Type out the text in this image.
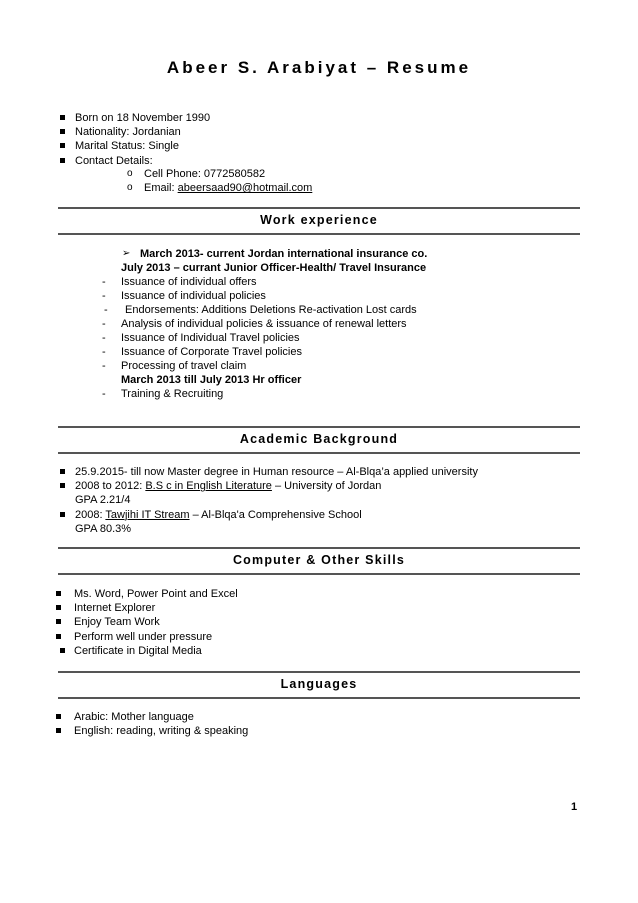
Abeer S. Arabiyat – Resume
Born on 18 November 1990
Nationality: Jordanian
Marital Status: Single
Contact Details:
o Cell Phone: 0772580582
o Email: abeersaad90@hotmail.com
Work experience
➢ March 2013- current Jordan international insurance co.
July 2013 – currant Junior Officer-Health/ Travel Insurance
- Issuance of individual offers
- Issuance of individual policies
- Endorsements: Additions Deletions Re-activation Lost cards
- Analysis of individual policies & issuance of renewal letters
- Issuance of Individual Travel policies
- Issuance of Corporate Travel policies
- Processing of travel claim
March 2013 till July 2013 Hr officer
- Training & Recruiting
Academic Background
25.9.2015- till now Master degree in Human resource – Al-Blqa’a applied university
2008 to 2012: B.S c in English Literature – University of Jordan
GPA 2.21/4
2008: Tawjihi IT Stream – Al-Blqa'a Comprehensive School
GPA 80.3%
Computer & Other Skills
Ms. Word, Power Point and Excel
Internet Explorer
Enjoy Team Work
Perform well under pressure
Certificate in Digital Media
Languages
Arabic: Mother language
English: reading, writing & speaking
1
